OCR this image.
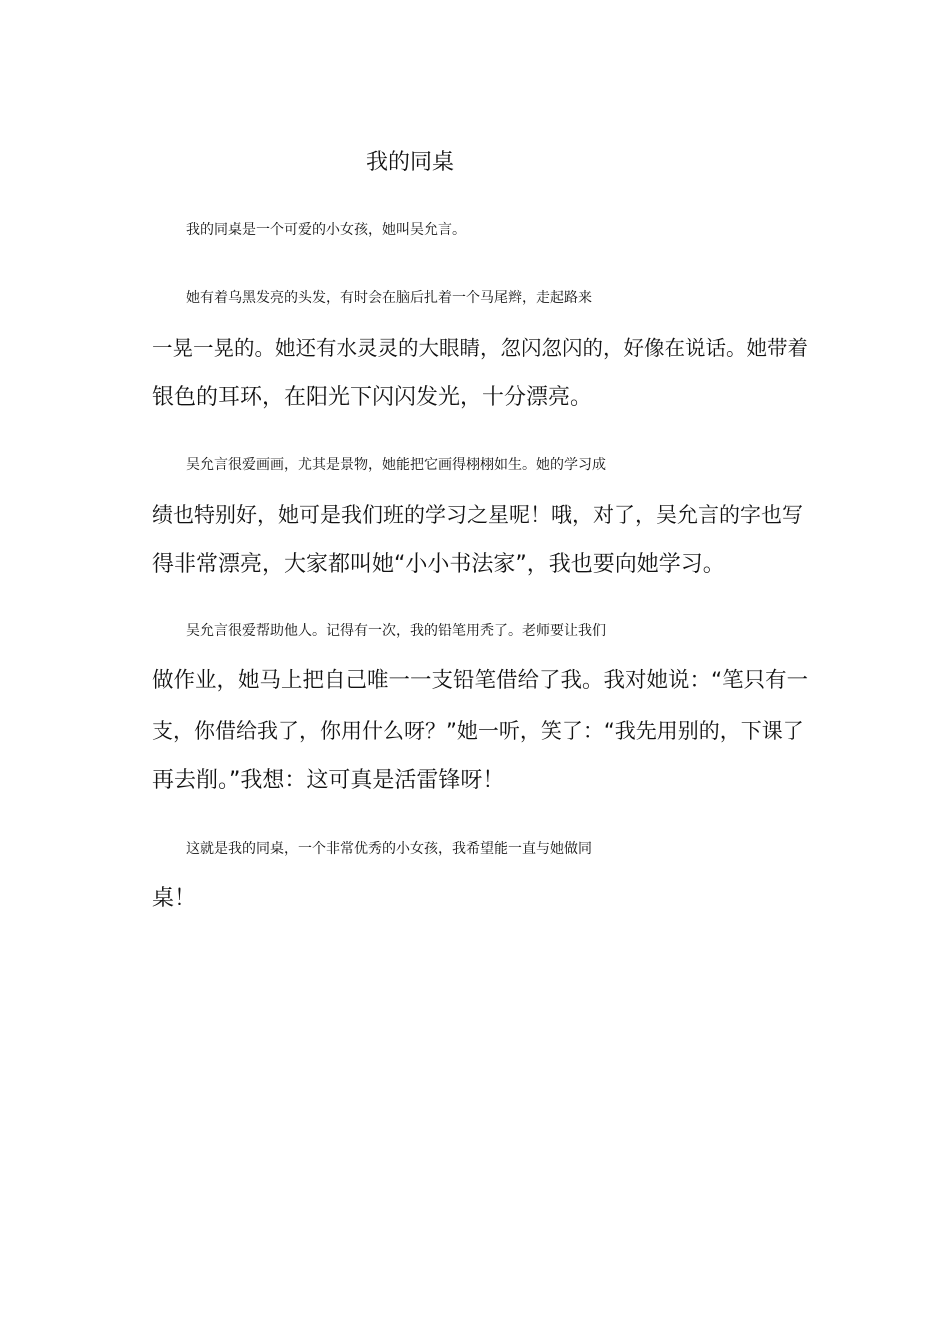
我的同桌
我的同桌是一个可爱的小女孩，她叫吴允言。
她有着乌黑发亮的头发，有时会在脑后扎着一个马尾辫，走起路来
一晃一晃的。她还有水灵灵的大眼睛，忽闪忽闪的，好像在说话。她带着
银色的耳环，在阳光下闪闪发光，十分漂亮。
吴允言很爱画画，尤其是景物，她能把它画得栩栩如生。她的学习成
绩也特别好，她可是我们班的学习之星呢！哦，对了，吴允言的字也写
得非常漂亮，大家都叫她“小小书法家”，我也要向她学习。
吴允言很爱帮助他人。记得有一次，我的铅笔用秃了。老师要让我们
做作业，她马上把自己唯一一支铅笔借给了我。我对她说：“笔只有一
支，你借给我了，你用什么呀？”她一听，笑了：“我先用别的，下课了
再去削。”我想：这可真是活雷锋呀！
这就是我的同桌，一个非常优秀的小女孩，我希望能一直与她做同
桌！
